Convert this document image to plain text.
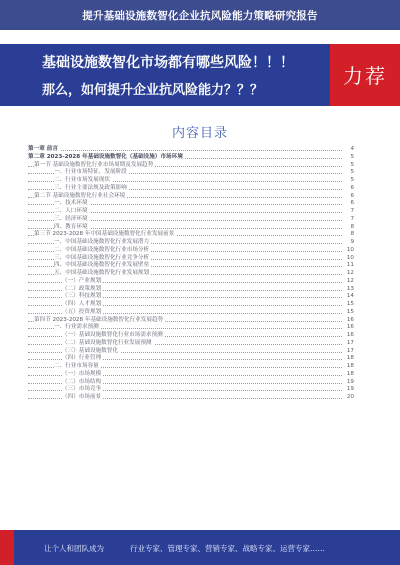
提升基础设施数智化企业抗风险能力策略研究报告
基础设施数智化市场都有哪些风险！！！
那么，如何提升企业抗风险能力？？？
力荐
内容目录
第一章 前言	4
第二章 2023-2028 年基础设施数智化（基础设施）市场环境	5
第一节 基础设施数智化行业市场周期及发展趋势	5
一、行业市场特征、发展阶段	5
二、行业市场发展现状	5
三、行业主要法规及政策影响	6
第二节 基础设施数智化行业社会环境	6
一、技术环境	6
二、人口环境	7
三、经济环境	7
四、教育环境	8
第三节 2023-2028 年中国基础设施数智化行业发展前景	8
一、中国基础设施数智化行业发展潜力	9
二、中国基础设施数智化行业市场分析	10
三、中国基础设施数智化行业竞争分析	10
四、中国基础设施数智化行业发展壁垒	11
五、中国基础设施数智化行业发展规划	12
（一）产业规划	12
（二）政策规划	13
（三）科技规划	14
（四）人才规划	15
（五）投资规划	15
第四节 2023-2028 年基础设施数智化行业发展趋势	16
一、行业需求预测	16
（一）基础设施数智化行业市场需求预测	16
（二）基础设施数智化行业发展预测	17
（三）基础设施数智化	17
（四）行业管理	18
二、行业市场容量	18
（一）市场规模	18
（二）市场结构	19
（三）市场竞争	19
（四）市场前景	20
让个人和团队成为	行业专家、管理专家、营销专家、战略专家、运营专家……
